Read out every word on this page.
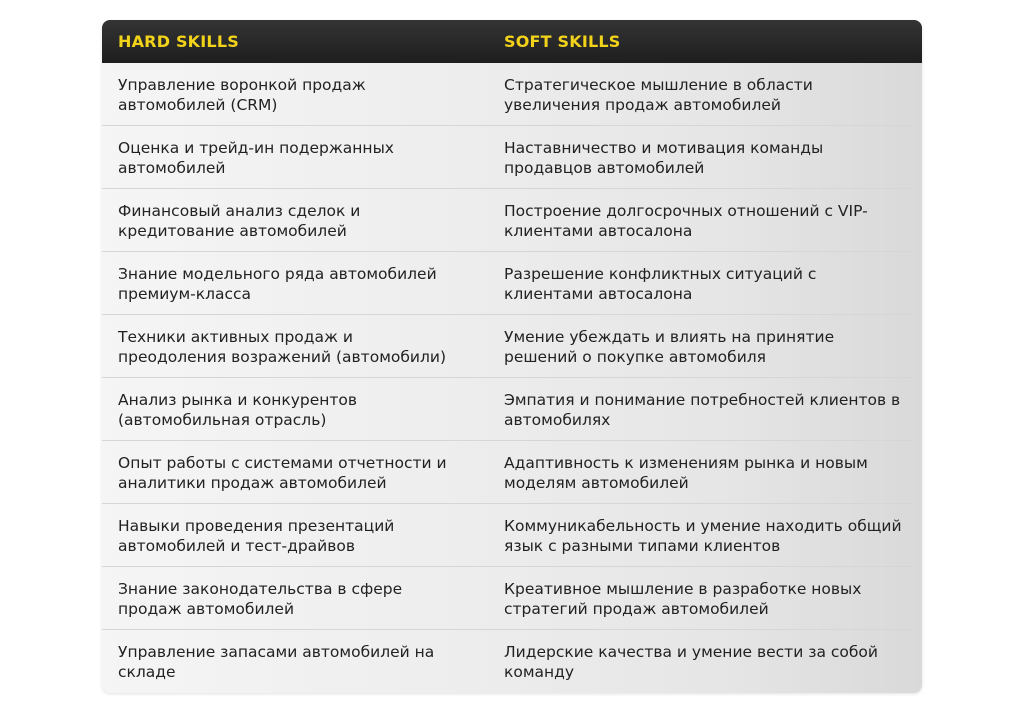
HARD SKILLS	SOFT SKILLS
Управление воронкой продаж автомобилей (CRM)
Стратегическое мышление в области увеличения продаж автомобилей
Оценка и трейд-ин подержанных автомобилей
Наставничество и мотивация команды продавцов автомобилей
Финансовый анализ сделок и кредитование автомобилей
Построение долгосрочных отношений с VIP-клиентами автосалона
Знание модельного ряда автомобилей премиум-класса
Разрешение конфликтных ситуаций с клиентами автосалона
Техники активных продаж и преодоления возражений (автомобили)
Умение убеждать и влиять на принятие решений о покупке автомобиля
Анализ рынка и конкурентов (автомобильная отрасль)
Эмпатия и понимание потребностей клиентов в автомобилях
Опыт работы с системами отчетности и аналитики продаж автомобилей
Адаптивность к изменениям рынка и новым моделям автомобилей
Навыки проведения презентаций автомобилей и тест-драйвов
Коммуникабельность и умение находить общий язык с разными типами клиентов
Знание законодательства в сфере продаж автомобилей
Креативное мышление в разработке новых стратегий продаж автомобилей
Управление запасами автомобилей на складе
Лидерские качества и умение вести за собой команду
